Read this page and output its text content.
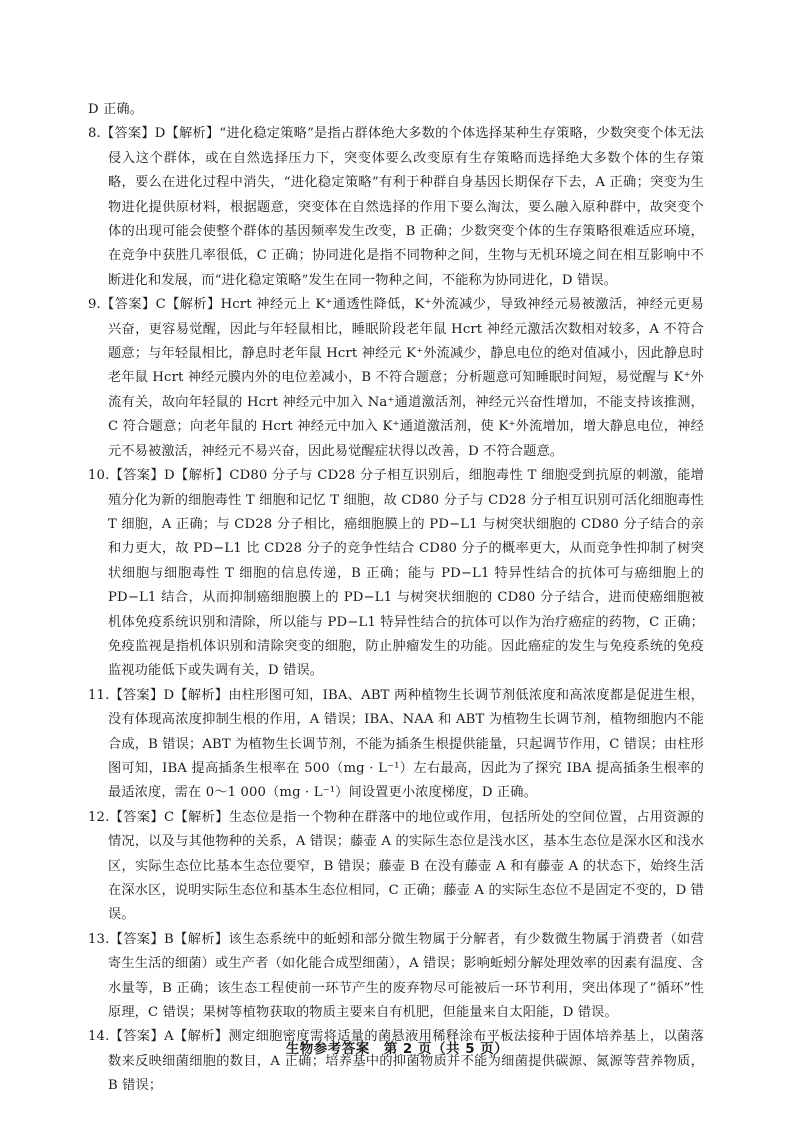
D 正确。

8.【答案】D【解析】“进化稳定策略”是指占群体绝大多数的个体选择某种生存策略，少数突变个体无法侵入这个群体，或在自然选择压力下，突变体要么改变原有生存策略而选择绝大多数个体的生存策略，要么在进化过程中消失，“进化稳定策略”有利于种群自身基因长期保存下去，A 正确；突变为生物进化提供原材料，根据题意，突变体在自然选择的作用下要么淘汰，要么融入原种群中，故突变个体的出现可能会使整个群体的基因频率发生改变，B 正确；少数突变个体的生存策略很难适应环境，在竞争中获胜几率很低，C 正确；协同进化是指不同物种之间，生物与无机环境之间在相互影响中不断进化和发展，而“进化稳定策略”发生在同一物种之间，不能称为协同进化，D 错误。

9.【答案】C【解析】Hcrt 神经元上 K⁺通透性降低，K⁺外流减少，导致神经元易被激活，神经元更易兴奋，更容易觉醒，因此与年轻鼠相比，睡眠阶段老年鼠 Hcrt 神经元激活次数相对较多，A 不符合题意；与年轻鼠相比，静息时老年鼠 Hcrt 神经元 K⁺外流减少，静息电位的绝对值减小，因此静息时老年鼠 Hcrt 神经元膜内外的电位差减小，B 不符合题意；分析题意可知睡眠时间短，易觉醒与 K⁺外流有关，故向年轻鼠的 Hcrt 神经元中加入 Na⁺通道激活剂，神经元兴奋性增加，不能支持该推测，C 符合题意；向老年鼠的 Hcrt 神经元中加入 K⁺通道激活剂，使 K⁺外流增加，增大静息电位，神经元不易被激活，神经元不易兴奋，因此易觉醒症状得以改善，D 不符合题意。

10.【答案】D【解析】CD80 分子与 CD28 分子相互识别后，细胞毒性 T 细胞受到抗原的刺激，能增殖分化为新的细胞毒性 T 细胞和记忆 T 细胞，故 CD80 分子与 CD28 分子相互识别可活化细胞毒性 T 细胞，A 正确；与 CD28 分子相比，癌细胞膜上的 PD−L1 与树突状细胞的 CD80 分子结合的亲和力更大，故 PD−L1 比 CD28 分子的竞争性结合 CD80 分子的概率更大，从而竞争性抑制了树突状细胞与细胞毒性 T 细胞的信息传递，B 正确；能与 PD−L1 特异性结合的抗体可与癌细胞上的 PD−L1 结合，从而抑制癌细胞膜上的 PD−L1 与树突状细胞的 CD80 分子结合，进而使癌细胞被机体免疫系统识别和清除，所以能与 PD−L1 特异性结合的抗体可以作为治疗癌症的药物，C 正确；免疫监视是指机体识别和清除突变的细胞，防止肿瘤发生的功能。因此癌症的发生与免疫系统的免疫监视功能低下或失调有关，D 错误。

11.【答案】D【解析】由柱形图可知，IBA、ABT 两种植物生长调节剂低浓度和高浓度都是促进生根，没有体现高浓度抑制生根的作用，A 错误；IBA、NAA 和 ABT 为植物生长调节剂，植物细胞内不能合成，B 错误；ABT 为植物生长调节剂，不能为插条生根提供能量，只起调节作用，C 错误；由柱形图可知，IBA 提高插条生根率在 500（mg · L⁻¹）左右最高，因此为了探究 IBA 提高插条生根率的最适浓度，需在 0～1 000（mg · L⁻¹）间设置更小浓度梯度，D 正确。

12.【答案】C【解析】生态位是指一个物种在群落中的地位或作用，包括所处的空间位置，占用资源的情况，以及与其他物种的关系，A 错误；藤壶 A 的实际生态位是浅水区，基本生态位是深水区和浅水区，实际生态位比基本生态位要窄，B 错误；藤壶 B 在没有藤壶 A 和有藤壶 A 的状态下，始终生活在深水区，说明实际生态位和基本生态位相同，C 正确；藤壶 A 的实际生态位不是固定不变的，D 错误。

13.【答案】B【解析】该生态系统中的蚯蚓和部分微生物属于分解者，有少数微生物属于消费者（如营寄生生活的细菌）或生产者（如化能合成型细菌），A 错误；影响蚯蚓分解处理效率的因素有温度、含水量等，B 正确；该生态工程使前一环节产生的废弃物尽可能被后一环节利用，突出体现了“循环”性原理，C 错误；果树等植物获取的物质主要来自有机肥，但能量来自太阳能，D 错误。

14.【答案】A【解析】测定细胞密度需将适量的菌悬液用稀释涂布平板法接种于固体培养基上，以菌落数来反映细菌细胞的数目，A 正确；培养基中的抑菌物质并不能为细菌提供碳源、氮源等营养物质，B 错误；

生物参考答案　第 2 页（共 5 页）
